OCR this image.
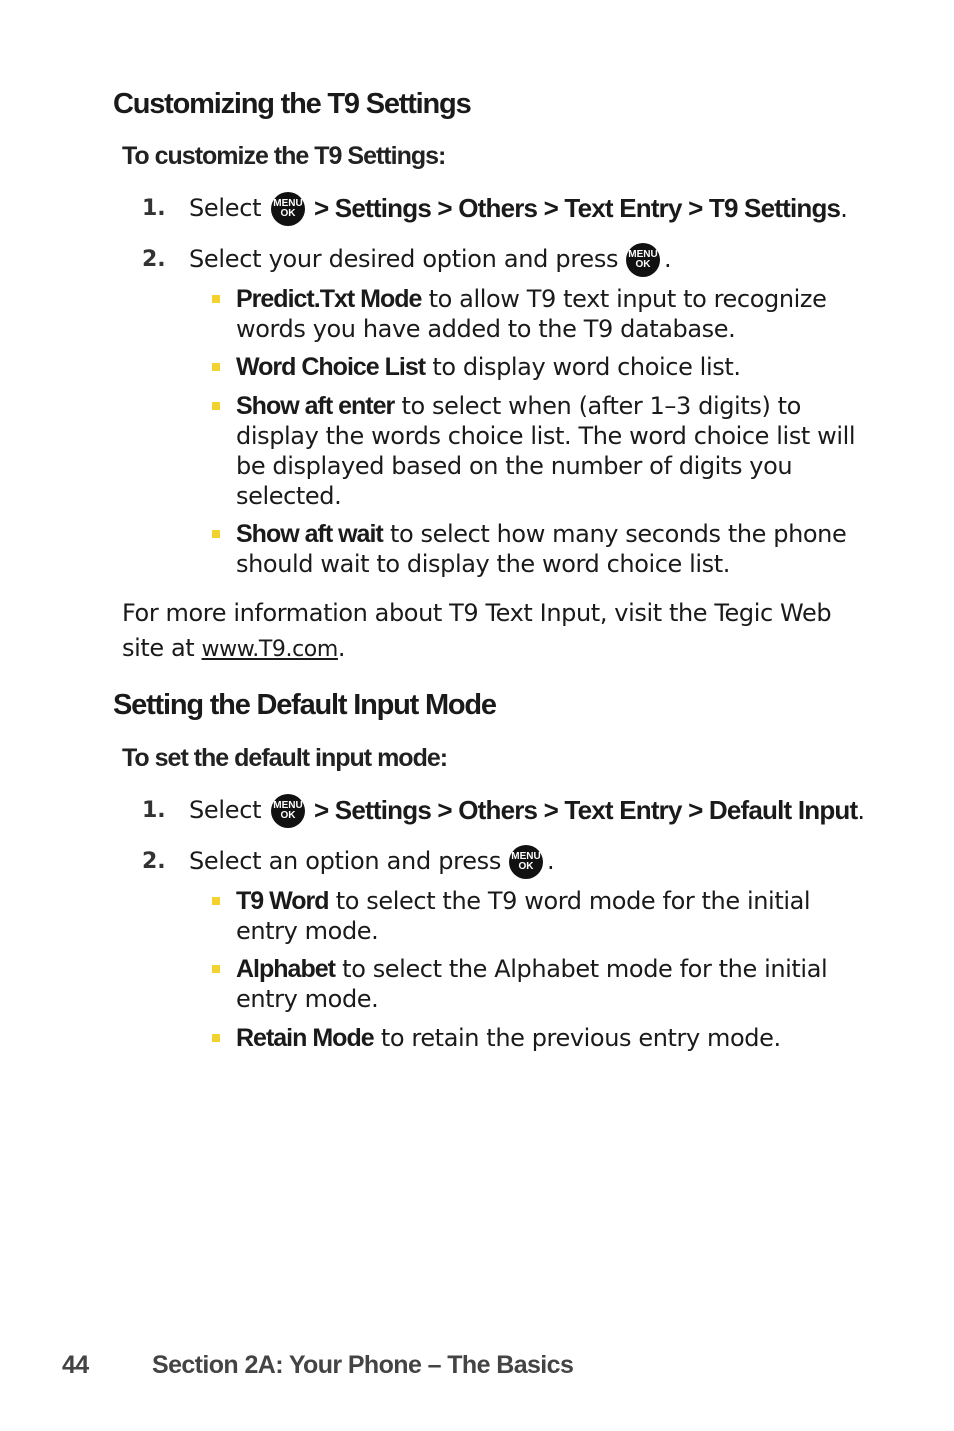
Customizing the T9 Settings
To customize the T9 Settings:
1. Select MENU
OK > Settings > Others > Text Entry > T9 Settings.
2. Select your desired option and press MENU
OK .
Predict.Txt Mode to allow T9 text input to recognize words you have added to the T9 database.
Word Choice List to display word choice list.
Show aft enter to select when (after 1–3 digits) to display the words choice list. The word choice list will be displayed based on the number of digits you selected.
Show aft wait to select how many seconds the phone should wait to display the word choice list.
For more information about T9 Text Input, visit the Tegic Web site at www.T9.com.
Setting the Default Input Mode
To set the default input mode:
1. Select MENU
OK > Settings > Others > Text Entry > Default Input.
2. Select an option and press MENU
OK .
T9 Word to select the T9 word mode for the initial entry mode.
Alphabet to select the Alphabet mode for the initial entry mode.
Retain Mode to retain the previous entry mode.
44	Section 2A: Your Phone – The Basics
